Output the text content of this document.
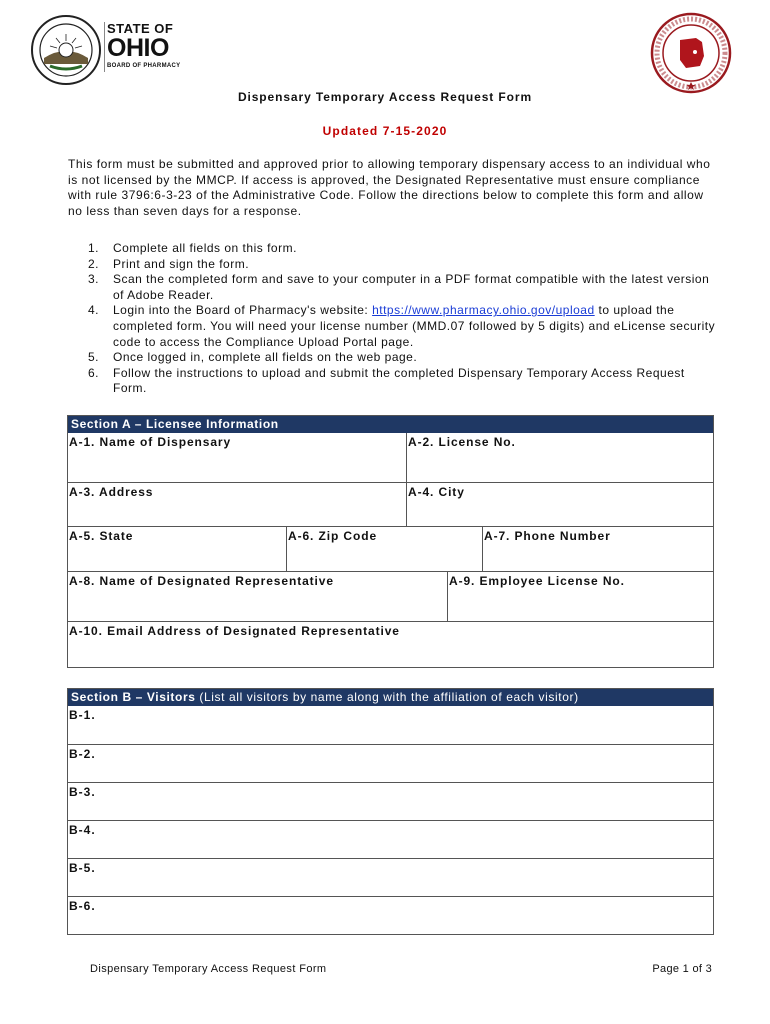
STATE OF
OHIO
BOARD OF PHARMACY
Dispensary Temporary Access Request Form
Updated 7-15-2020
This form must be submitted and approved prior to allowing temporary dispensary access to an individual who is not licensed by the MMCP. If access is approved, the Designated Representative must ensure compliance with rule 3796:6-3-23 of the Administrative Code. Follow the directions below to complete this form and allow no less than seven days for a response.
1. Complete all fields on this form.
2. Print and sign the form.
3. Scan the completed form and save to your computer in a PDF format compatible with the latest version of Adobe Reader.
4. Login into the Board of Pharmacy's website: https://www.pharmacy.ohio.gov/upload to upload the completed form. You will need your license number (MMD.07 followed by 5 digits) and eLicense security code to access the Compliance Upload Portal page.
5. Once logged in, complete all fields on the web page.
6. Follow the instructions to upload and submit the completed Dispensary Temporary Access Request Form.
Section A – Licensee Information
A-1. Name of Dispensary	A-2. License No.
A-3. Address	A-4. City
A-5. State	A-6. Zip Code	A-7. Phone Number
A-8. Name of Designated Representative	A-9. Employee License No.
A-10. Email Address of Designated Representative
Section B – Visitors (List all visitors by name along with the affiliation of each visitor)
B-1.
B-2.
B-3.
B-4.
B-5.
B-6.
Dispensary Temporary Access Request Form	Page 1 of 3
